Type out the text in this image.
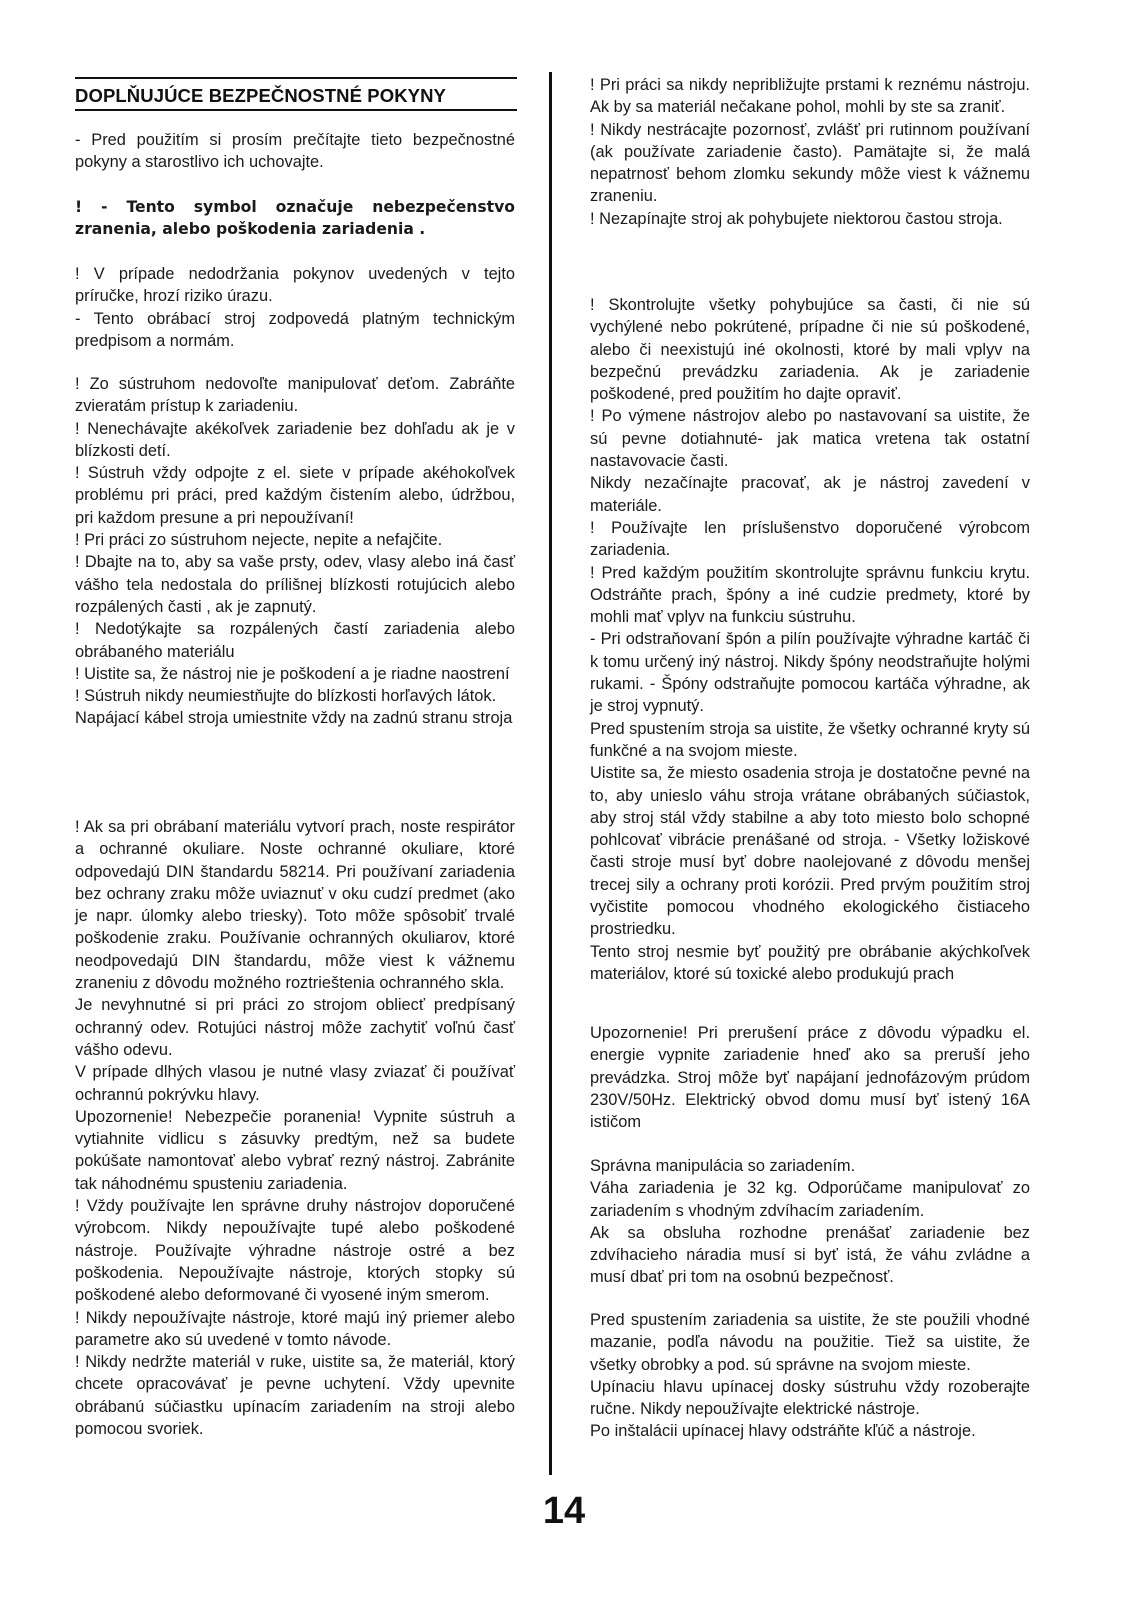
DOPLŇUJÚCE BEZPEČNOSTNÉ POKYNY

- Pred použitím si prosím prečítajte tieto bezpečnostné pokyny a starostlivo ich uchovajte.

! - Tento symbol označuje nebezpečenstvo zranenia, alebo poškodenia zariadenia .

! V prípade nedodržania pokynov uvedených v tejto príručke, hrozí riziko úrazu.
- Tento obrábací stroj zodpovedá platným technickým predpisom a normám.

! Zo sústruhom nedovoľte manipulovať deťom. Zabráňte zvieratám prístup k zariadeniu.
! Nenechávajte akékoľvek zariadenie bez dohľadu ak je v blízkosti detí.
! Sústruh vždy odpojte z el. siete v prípade akéhokoľvek problému pri práci, pred každým čistením alebo, údržbou, pri každom presune a pri nepoužívaní!
! Pri práci zo sústruhom nejecte, nepite a nefajčite.
! Dbajte na to, aby sa vaše prsty, odev, vlasy alebo iná časť vášho tela nedostala do prílišnej blízkosti rotujúcich alebo rozpálených časti , ak je zapnutý.
! Nedotýkajte sa rozpálených častí zariadenia alebo obrábaného materiálu
! Uistite sa, že nástroj nie je poškodení a je riadne naostrení
! Sústruh nikdy neumiestňujte do blízkosti horľavých látok.
Napájací kábel stroja umiestnite vždy na zadnú stranu stroja

! Ak sa pri obrábaní materiálu vytvorí prach, noste respirátor a ochranné okuliare. Noste ochranné okuliare, ktoré odpovedajú DIN štandardu 58214. Pri používaní zariadenia bez ochrany zraku môže uviaznuť v oku cudzí predmet (ako je napr. úlomky alebo triesky). Toto môže spôsobiť trvalé poškodenie zraku. Používanie ochranných okuliarov, ktoré neodpovedajú DIN štandardu, môže viest k vážnemu zraneniu z dôvodu možného roztrieštenia ochranného skla.
Je nevyhnutné si pri práci zo strojom obliecť predpísaný ochranný odev. Rotujúci nástroj môže zachytiť voľnú časť vášho odevu.
V prípade dlhých vlasou je nutné vlasy zviazať či používať ochrannú pokrývku hlavy.
Upozornenie! Nebezpečie poranenia! Vypnite sústruh a vytiahnite vidlicu s zásuvky predtým, než sa budete pokúšate namontovať alebo vybrať rezný nástroj. Zabránite tak náhodnému spusteniu zariadenia.
! Vždy používajte len správne druhy nástrojov doporučené výrobcom. Nikdy nepoužívajte tupé alebo poškodené nástroje. Používajte výhradne nástroje ostré a bez poškodenia. Nepoužívajte nástroje, ktorých stopky sú poškodené alebo deformované či vyosené iným smerom.
! Nikdy nepoužívajte nástroje, ktoré majú iný priemer alebo parametre ako sú uvedené v tomto návode.
! Nikdy nedržte materiál v ruke, uistite sa, že materiál, ktorý chcete opracovávať je pevne uchytení. Vždy upevnite obrábanú súčiastku upínacím zariadením na stroji alebo pomocou svoriek.

! Pri práci sa nikdy nepribližujte prstami k reznému nástroju. Ak by sa materiál nečakane pohol, mohli by ste sa zraniť.
! Nikdy nestrácajte pozornosť, zvlášť pri rutinnom používaní (ak používate zariadenie často). Pamätajte si, že malá nepatrnosť behom zlomku sekundy môže viest k vážnemu zraneniu.
! Nezapínajte stroj ak pohybujete niektorou častou stroja.

! Skontrolujte všetky pohybujúce sa časti, či nie sú vychýlené nebo pokrútené, prípadne či nie sú poškodené, alebo či neexistujú iné okolnosti, ktoré by mali vplyv na bezpečnú prevádzku zariadenia. Ak je zariadenie poškodené, pred použitím ho dajte opraviť.
! Po výmene nástrojov alebo po nastavovaní sa uistite, že sú pevne dotiahnuté- jak matica vretena tak ostatní nastavovacie časti.
Nikdy nezačínajte pracovať, ak je nástroj zavedení v materiále.
! Používajte len príslušenstvo doporučené výrobcom zariadenia.
! Pred každým použitím skontrolujte správnu funkciu krytu. Odstráňte prach, špóny a iné cudzie predmety, ktoré by mohli mať vplyv na funkciu sústruhu.
- Pri odstraňovaní špón a pilín používajte výhradne kartáč či k tomu určený iný nástroj. Nikdy špóny neodstraňujte holými rukami. - Špóny odstraňujte pomocou kartáča výhradne, ak je stroj vypnutý.
Pred spustením stroja sa uistite, že všetky ochranné kryty sú funkčné a na svojom mieste.
Uistite sa, že miesto osadenia stroja je dostatočne pevné na to, aby unieslo váhu stroja vrátane obrábaných súčiastok, aby stroj stál vždy stabilne a aby toto miesto bolo schopné pohlcovať vibrácie prenášané od stroja. - Všetky ložiskové časti stroje musí byť dobre naolejované z dôvodu menšej trecej sily a ochrany proti korózii. Pred prvým použitím stroj vyčistite pomocou vhodného ekologického čistiaceho prostriedku.
Tento stroj nesmie byť použitý pre obrábanie akýchkoľvek materiálov, ktoré sú toxické alebo produkujú prach

Upozornenie! Pri prerušení práce z dôvodu výpadku el. energie vypnite zariadenie hneď ako sa preruší jeho prevádzka. Stroj môže byť napájaní jednofázovým prúdom 230V/50Hz. Elektrický obvod domu musí byť istený 16A ističom

Správna manipulácia so zariadením.
Váha zariadenia je 32 kg. Odporúčame manipulovať zo zariadením s vhodným zdvíhacím zariadením.
Ak sa obsluha rozhodne prenášať zariadenie bez zdvíhacieho náradia musí si byť istá, že váhu zvládne a musí dbať pri tom na osobnú bezpečnosť.

Pred spustením zariadenia sa uistite, že ste použili vhodné mazanie, podľa návodu na použitie. Tiež sa uistite, že všetky obrobky a pod. sú správne na svojom mieste.
Upínaciu hlavu upínacej dosky sústruhu vždy rozoberajte ručne. Nikdy nepoužívajte elektrické nástroje.
Po inštalácii upínacej hlavy odstráňte kľúč a nástroje.

14
